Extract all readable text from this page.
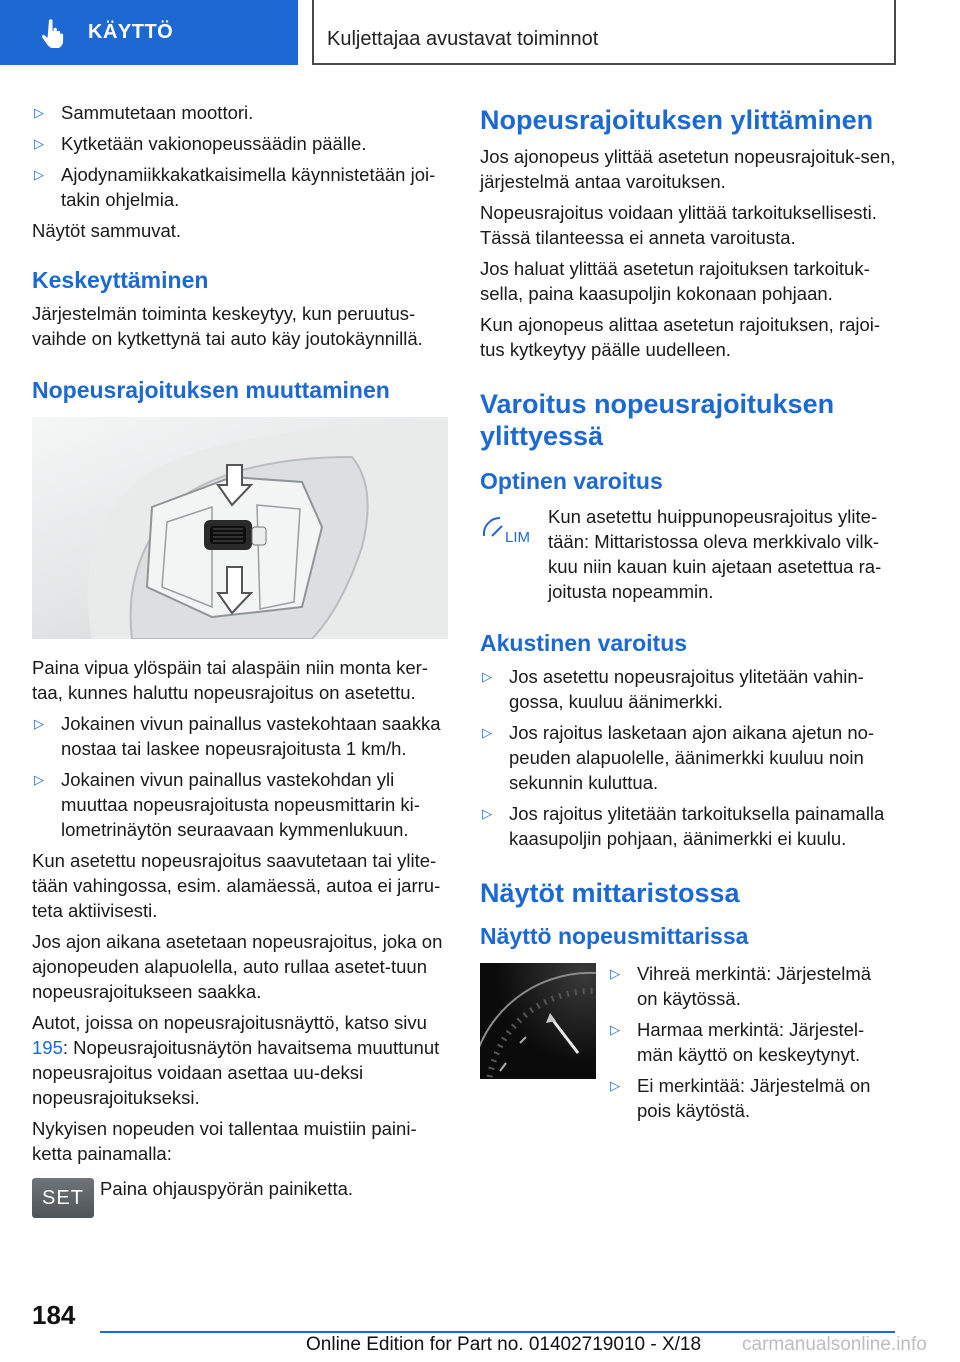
KÄYTTÖ	Kuljettajaa avustavat toiminnot
▷ Sammutetaan moottori.
▷ Kytketään vakionopeussäädin päälle.
▷ Ajodynamiikkakatkaisimella käynnistetään joi-takin ohjelmia.

Näytöt sammuvat.

Keskeyttäminen

Järjestelmän toiminta keskeytyy, kun peruutus-vaihde on kytkettynä tai auto käy joutokäynnillä.

Nopeusrajoituksen muuttaminen

Paina vipua ylöspäin tai alaspäin niin monta ker-taa, kunnes haluttu nopeusrajoitus on asetettu.

▷ Jokainen vivun painallus vastekohtaan saakka nostaa tai laskee nopeusrajoitusta 1 km/h.
▷ Jokainen vivun painallus vastekohdan yli muuttaa nopeusrajoitusta nopeusmittarin ki-lometrinäytön seuraavaan kymmenlukuun.

Kun asetettu nopeusrajoitus saavutetaan tai ylite-tään vahingossa, esim. alamäessä, autoa ei jarru-teta aktiivisesti.

Jos ajon aikana asetetaan nopeusrajoitus, joka on ajonopeuden alapuolella, auto rullaa asetet-tuun nopeusrajoitukseen saakka.

Autot, joissa on nopeusrajoitusnäyttö, katso sivu 195: Nopeusrajoitusnäytön havaitsema muuttunut nopeusrajoitus voidaan asettaa uu-deksi nopeusrajoitukseksi.

Nykyisen nopeuden voi tallentaa muistiin paini-ketta painamalla:

SET Paina ohjauspyörän painiketta.

Nopeusrajoituksen ylittäminen

Jos ajonopeus ylittää asetetun nopeusrajoituk-sen, järjestelmä antaa varoituksen.

Nopeusrajoitus voidaan ylittää tarkoituksellisesti. Tässä tilanteessa ei anneta varoitusta.

Jos haluat ylittää asetetun rajoituksen tarkoituk-sella, paina kaasupoljin kokonaan pohjaan.

Kun ajonopeus alittaa asetetun rajoituksen, rajoi-tus kytkeytyy päälle uudelleen.

Varoitus nopeusrajoituksen ylittyessä
Optinen varoitus
LIM

Kun asetettu huippunopeusrajoitus ylite-tään: Mittaristossa oleva merkkivalo vilk-kuu niin kauan kuin ajetaan asetettua ra-joitusta nopeammin.

Akustinen varoitus
▷ Jos asetettu nopeusrajoitus ylitetään vahin-gossa, kuuluu äänimerkki.
▷ Jos rajoitus lasketaan ajon aikana ajetun no-peuden alapuolelle, äänimerkki kuuluu noin sekunnin kuluttua.
▷ Jos rajoitus ylitetään tarkoituksella painamalla kaasupoljin pohjaan, äänimerkki ei kuulu.
Näytöt mittaristossa
Näyttö nopeusmittarissa
▷ Vihreä merkintä: Järjestelmä on käytössä.
▷ Harmaa merkintä: Järjestel-män käyttö on keskeytynyt.
▷ Ei merkintää: Järjestelmä on pois käytöstä.
184
Online Edition for Part no. 01402719010 - X/18 carmanualsonline.info
